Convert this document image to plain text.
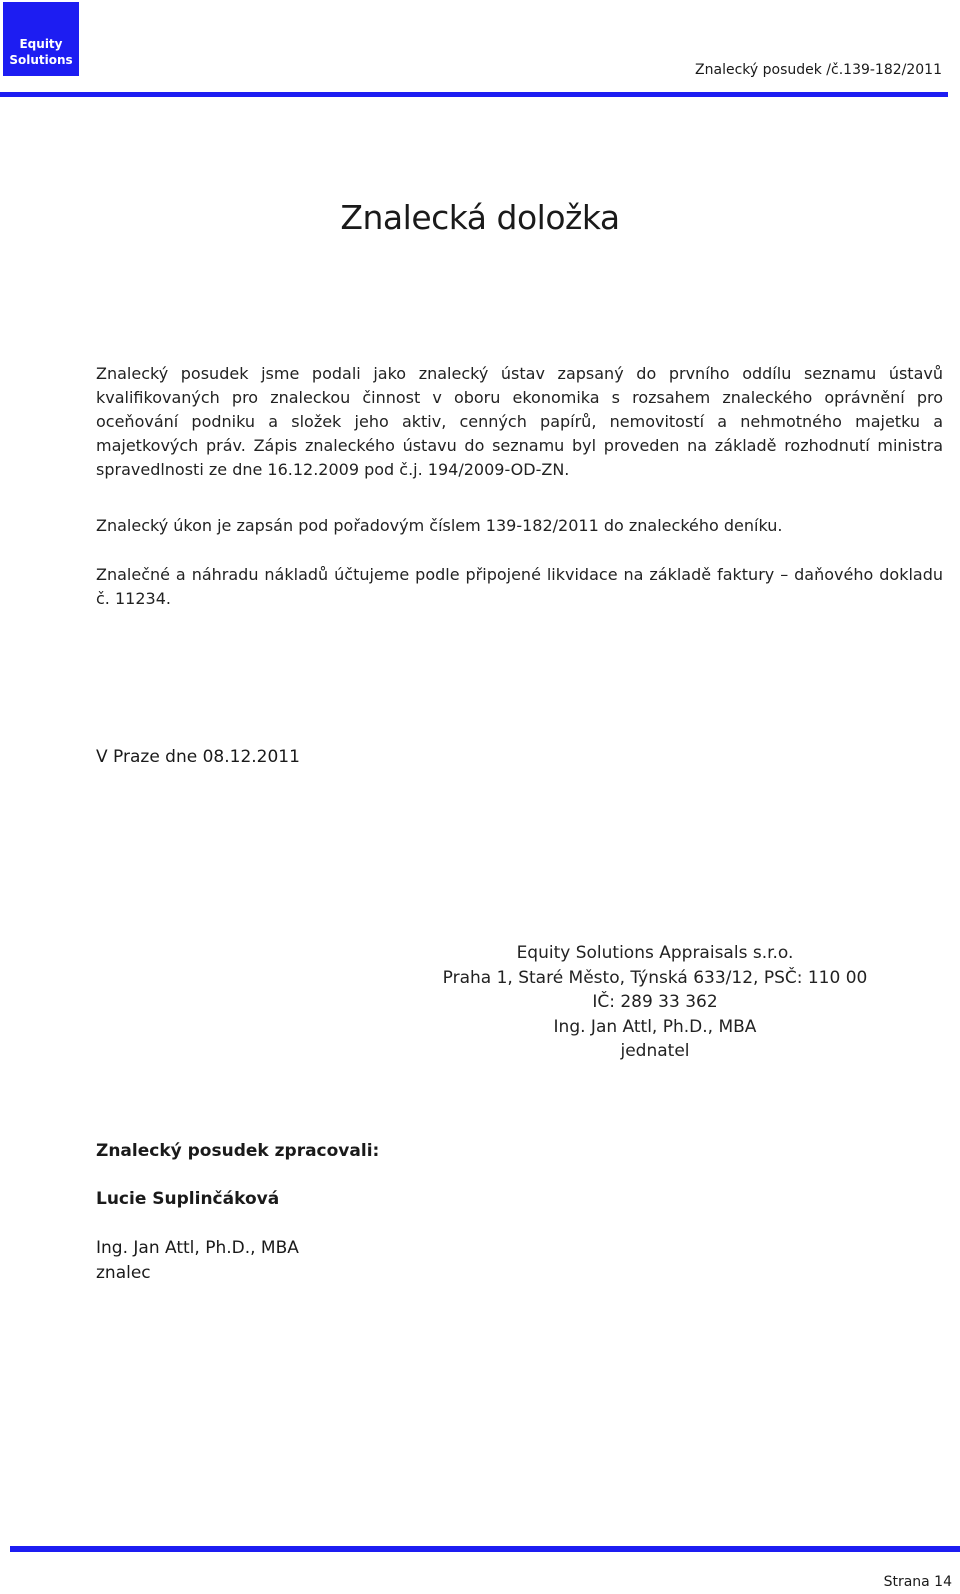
Equity
Solutions
Znalecký posudek /č.139-182/2011
Znalecká doložka

Znalecký posudek jsme podali jako znalecký ústav zapsaný do prvního oddílu seznamu ústavů kvalifikovaných pro znaleckou činnost v oboru ekonomika s rozsahem znaleckého oprávnění pro oceňování podniku a složek jeho aktiv, cenných papírů, nemovitostí a nehmotného majetku a majetkových práv. Zápis znaleckého ústavu do seznamu byl proveden na základě rozhodnutí ministra spravedlnosti ze dne 16.12.2009 pod č.j. 194/2009-OD-ZN.

Znalecký úkon je zapsán pod pořadovým číslem 139-182/2011 do znaleckého deníku.

Znalečné a náhradu nákladů účtujeme podle připojené likvidace na základě faktury – daňového dokladu č. 11234.

V Praze dne 08.12.2011

Equity Solutions Appraisals s.r.o.
Praha 1, Staré Město, Týnská 633/12, PSČ: 110 00
IČ: 289 33 362
Ing. Jan Attl, Ph.D., MBA
jednatel

Znalecký posudek zpracovali:

Lucie Suplinčáková

Ing. Jan Attl, Ph.D., MBA

znalec

Strana 14
